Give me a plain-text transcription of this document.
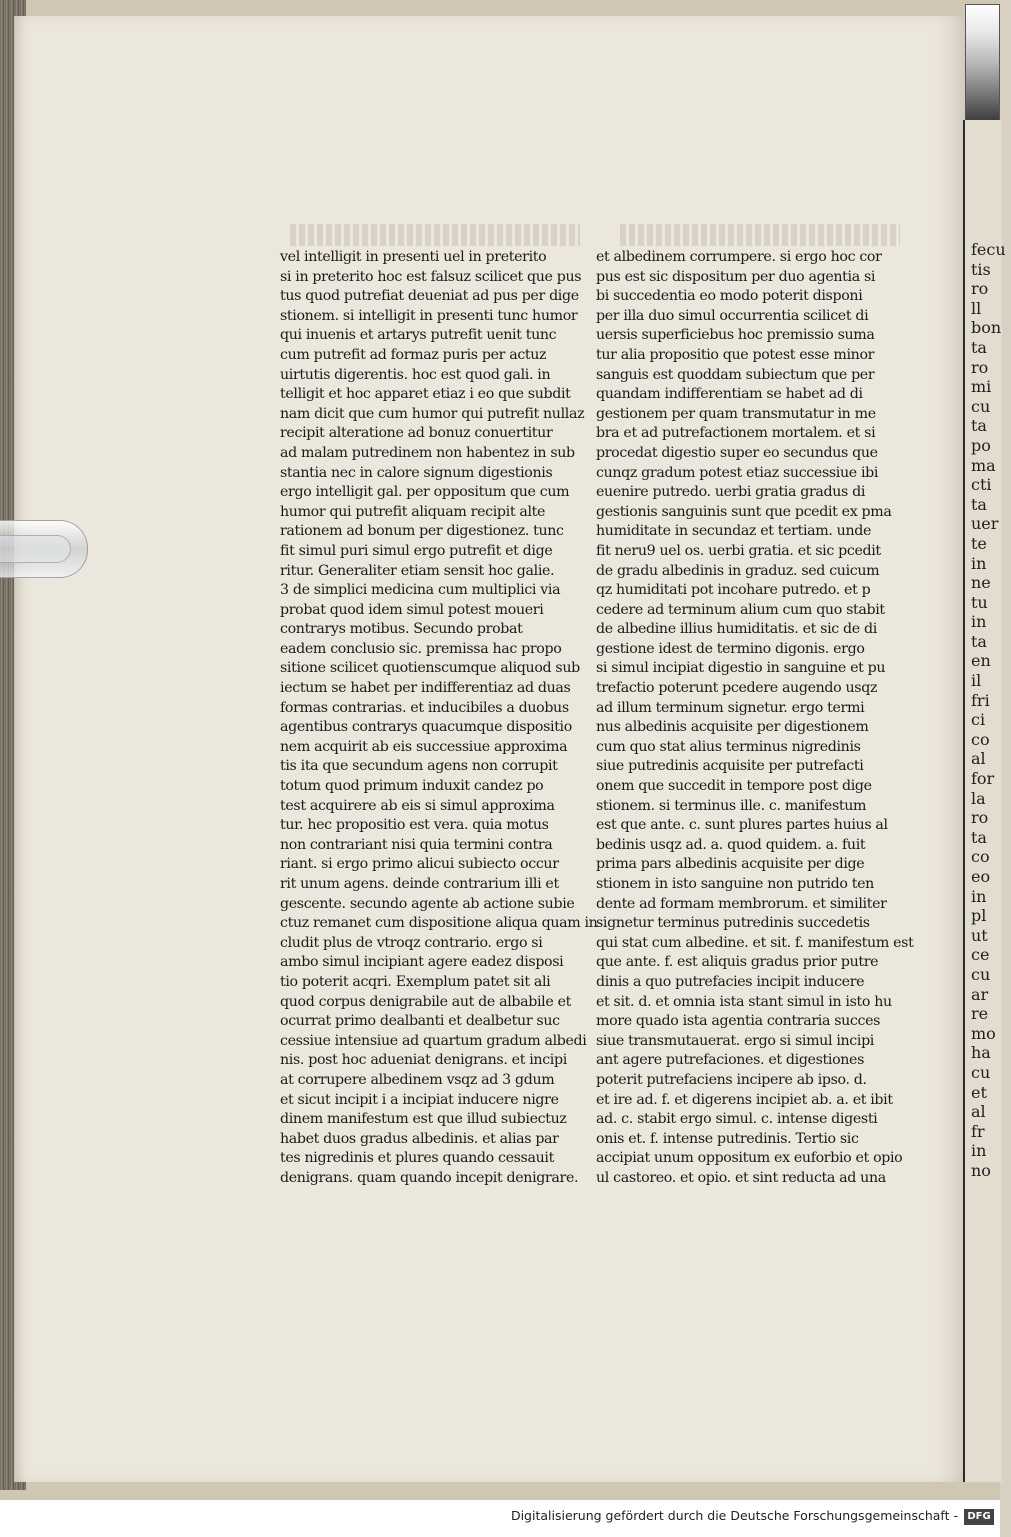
fecu
tis
ro
ll
bon
ta
ro
mi
cu
ta
po
ma
cti
ta
uer
te
in
ne
tu
in
ta
en
il
fri
ci
co
al
for
la
ro
ta
co
eo
in
pl
ut
ce
cu
ar
re
mo
ha
cu
et
al
fr
in
no
vel intelligit in presenti uel in preterito
si in preterito hoc est falsuz scilicet que pus
tus quod putrefiat deueniat ad pus per dige
stionem. si intelligit in presenti tunc humor
qui inuenis et artarys putrefit uenit tunc
cum putrefit ad formaz puris per actuz
uirtutis digerentis. hoc est quod gali. in
telligit et hoc apparet etiaz i eo que subdit
nam dicit que cum humor qui putrefit nullaz
recipit alteratione ad bonuz conuertitur
ad malam putredinem non habentez in sub
stantia nec in calore signum digestionis
ergo intelligit gal. per oppositum que cum
humor qui putrefit aliquam recipit alte
rationem ad bonum per digestionez. tunc
fit simul puri simul ergo putrefit et dige
ritur. Generaliter etiam sensit hoc galie.
3 de simplici medicina cum multiplici via
probat quod idem simul potest moueri
contrarys motibus. Secundo probat
eadem conclusio sic. premissa hac propo
sitione scilicet quotienscumque aliquod sub
iectum se habet per indifferentiaz ad duas
formas contrarias. et inducibiles a duobus
agentibus contrarys quacumque dispositio
nem acquirit ab eis successiue approxima
tis ita que secundum agens non corrupit
totum quod primum induxit candez po
test acquirere ab eis si simul approxima
tur. hec propositio est vera. quia motus
non contrariant nisi quia termini contra
riant. si ergo primo alicui subiecto occur
rit unum agens. deinde contrarium illi et
gescente. secundo agente ab actione subie
ctuz remanet cum dispositione aliqua quam in
cludit plus de vtroqz contrario. ergo si
ambo simul incipiant agere eadez disposi
tio poterit acqri. Exemplum patet sit ali
quod corpus denigrabile aut de albabile et
ocurrat primo dealbanti et dealbetur suc
cessiue intensiue ad quartum gradum albedi
nis. post hoc adueniat denigrans. et incipi
at corrupere albedinem vsqz ad 3 gdum
et sicut incipit i a incipiat inducere nigre
dinem manifestum est que illud subiectuz
habet duos gradus albedinis. et alias par
tes nigredinis et plures quando cessauit
denigrans. quam quando incepit denigrare.
et albedinem corrumpere. si ergo hoc cor
pus est sic dispositum per duo agentia si
bi succedentia eo modo poterit disponi
per illa duo simul occurrentia scilicet di
uersis superficiebus hoc premissio suma
tur alia propositio que potest esse minor
sanguis est quoddam subiectum que per
quandam indifferentiam se habet ad di
gestionem per quam transmutatur in me
bra et ad putrefactionem mortalem. et si
procedat digestio super eo secundus que
cunqz gradum potest etiaz successiue ibi
euenire putredo. uerbi gratia gradus di
gestionis sanguinis sunt que pcedit ex pma
humiditate in secundaz et tertiam. unde
fit neru9 uel os. uerbi gratia. et sic pcedit
de gradu albedinis in graduz. sed cuicum
qz humiditati pot incohare putredo. et p
cedere ad terminum alium cum quo stabit
de albedine illius humiditatis. et sic de di
gestione idest de termino digonis. ergo
si simul incipiat digestio in sanguine et pu
trefactio poterunt pcedere augendo usqz
ad illum terminum signetur. ergo termi
nus albedinis acquisite per digestionem
cum quo stat alius terminus nigredinis
siue putredinis acquisite per putrefacti
onem que succedit in tempore post dige
stionem. si terminus ille. c. manifestum
est que ante. c. sunt plures partes huius al
bedinis usqz ad. a. quod quidem. a. fuit
prima pars albedinis acquisite per dige
stionem in isto sanguine non putrido ten
dente ad formam membrorum. et similiter
signetur terminus putredinis succedetis
qui stat cum albedine. et sit. f. manifestum est
que ante. f. est aliquis gradus prior putre
dinis a quo putrefacies incipit inducere
et sit. d. et omnia ista stant simul in isto hu
more quado ista agentia contraria succes
siue transmutauerat. ergo si simul incipi
ant agere putrefaciones. et digestiones
poterit putrefaciens incipere ab ipso. d.
et ire ad. f. et digerens incipiet ab. a. et ibit
ad. c. stabit ergo simul. c. intense digesti
onis et. f. intense putredinis. Tertio sic
accipiat unum oppositum ex euforbio et opio
ul castoreo. et opio. et sint reducta ad una
Digitalisierung gefördert durch die Deutsche Forschungsgemeinschaft - DFG
